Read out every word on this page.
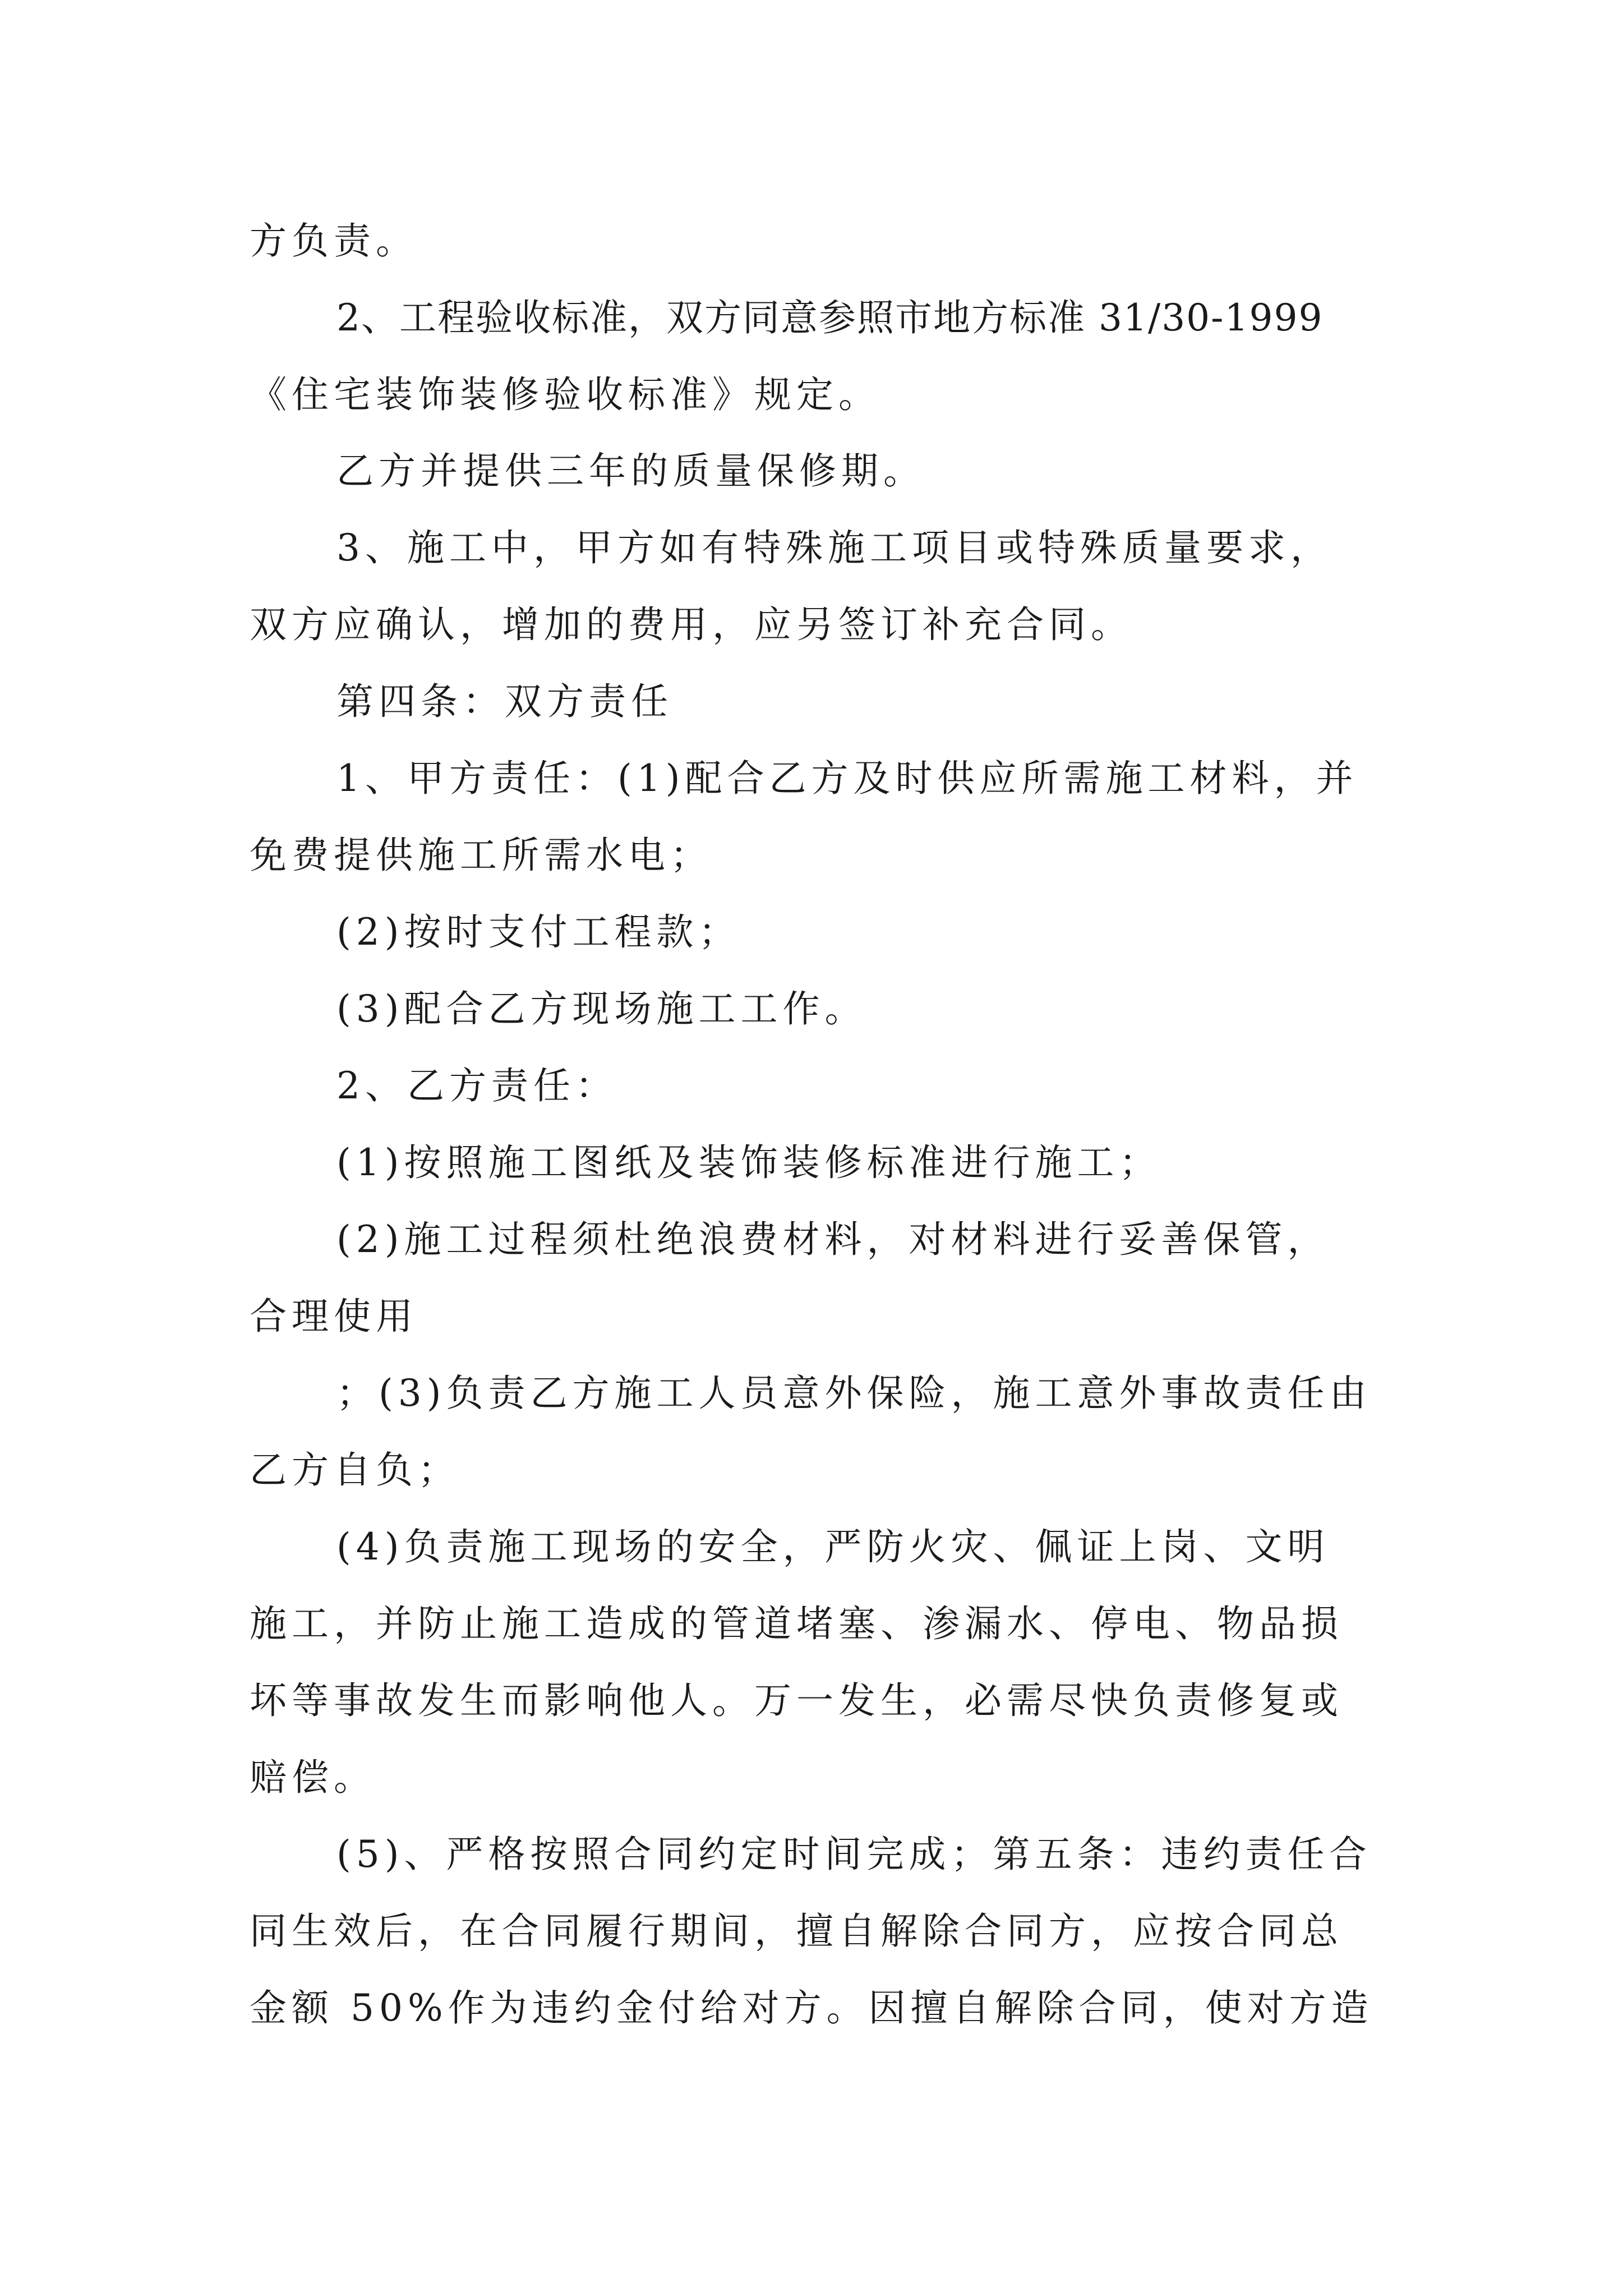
方负责。
2、工程验收标准，双方同意参照市地方标准 31/30-1999
《住宅装饰装修验收标准》规定。
乙方并提供三年的质量保修期。
3、施工中，甲方如有特殊施工项目或特殊质量要求，
双方应确认，增加的费用，应另签订补充合同。
第四条：双方责任
1、甲方责任：(1)配合乙方及时供应所需施工材料，并
免费提供施工所需水电；
(2)按时支付工程款；
(3)配合乙方现场施工工作。
2、乙方责任：
(1)按照施工图纸及装饰装修标准进行施工；
(2)施工过程须杜绝浪费材料，对材料进行妥善保管，
合理使用
；(3)负责乙方施工人员意外保险，施工意外事故责任由
乙方自负；
(4)负责施工现场的安全，严防火灾、佩证上岗、文明
施工，并防止施工造成的管道堵塞、渗漏水、停电、物品损
坏等事故发生而影响他人。万一发生，必需尽快负责修复或
赔偿。
(5)、严格按照合同约定时间完成；第五条：违约责任合
同生效后，在合同履行期间，擅自解除合同方，应按合同总
金额 50%作为违约金付给对方。因擅自解除合同，使对方造
